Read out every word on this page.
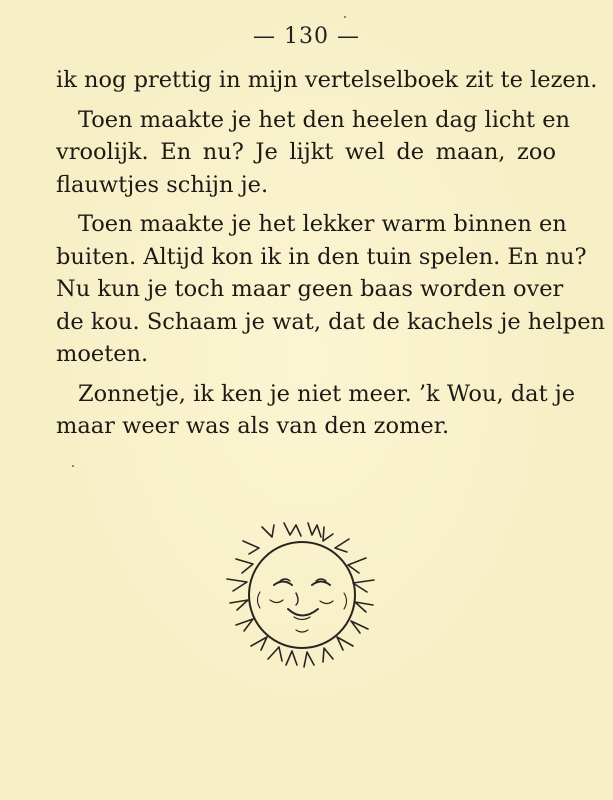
— 130 —
ik nog prettig in mijn vertelselboek zit te lezen.
Toen maakte je het den heelen dag licht en
vroolijk. En nu? Je lijkt wel de maan, zoo
flauwtjes schijn je.
Toen maakte je het lekker warm binnen en
buiten. Altijd kon ik in den tuin spelen. En nu?
Nu kun je toch maar geen baas worden over
de kou. Schaam je wat, dat de kachels je helpen
moeten.
Zonnetje, ik ken je niet meer. ’k Wou, dat je
maar weer was als van den zomer.
